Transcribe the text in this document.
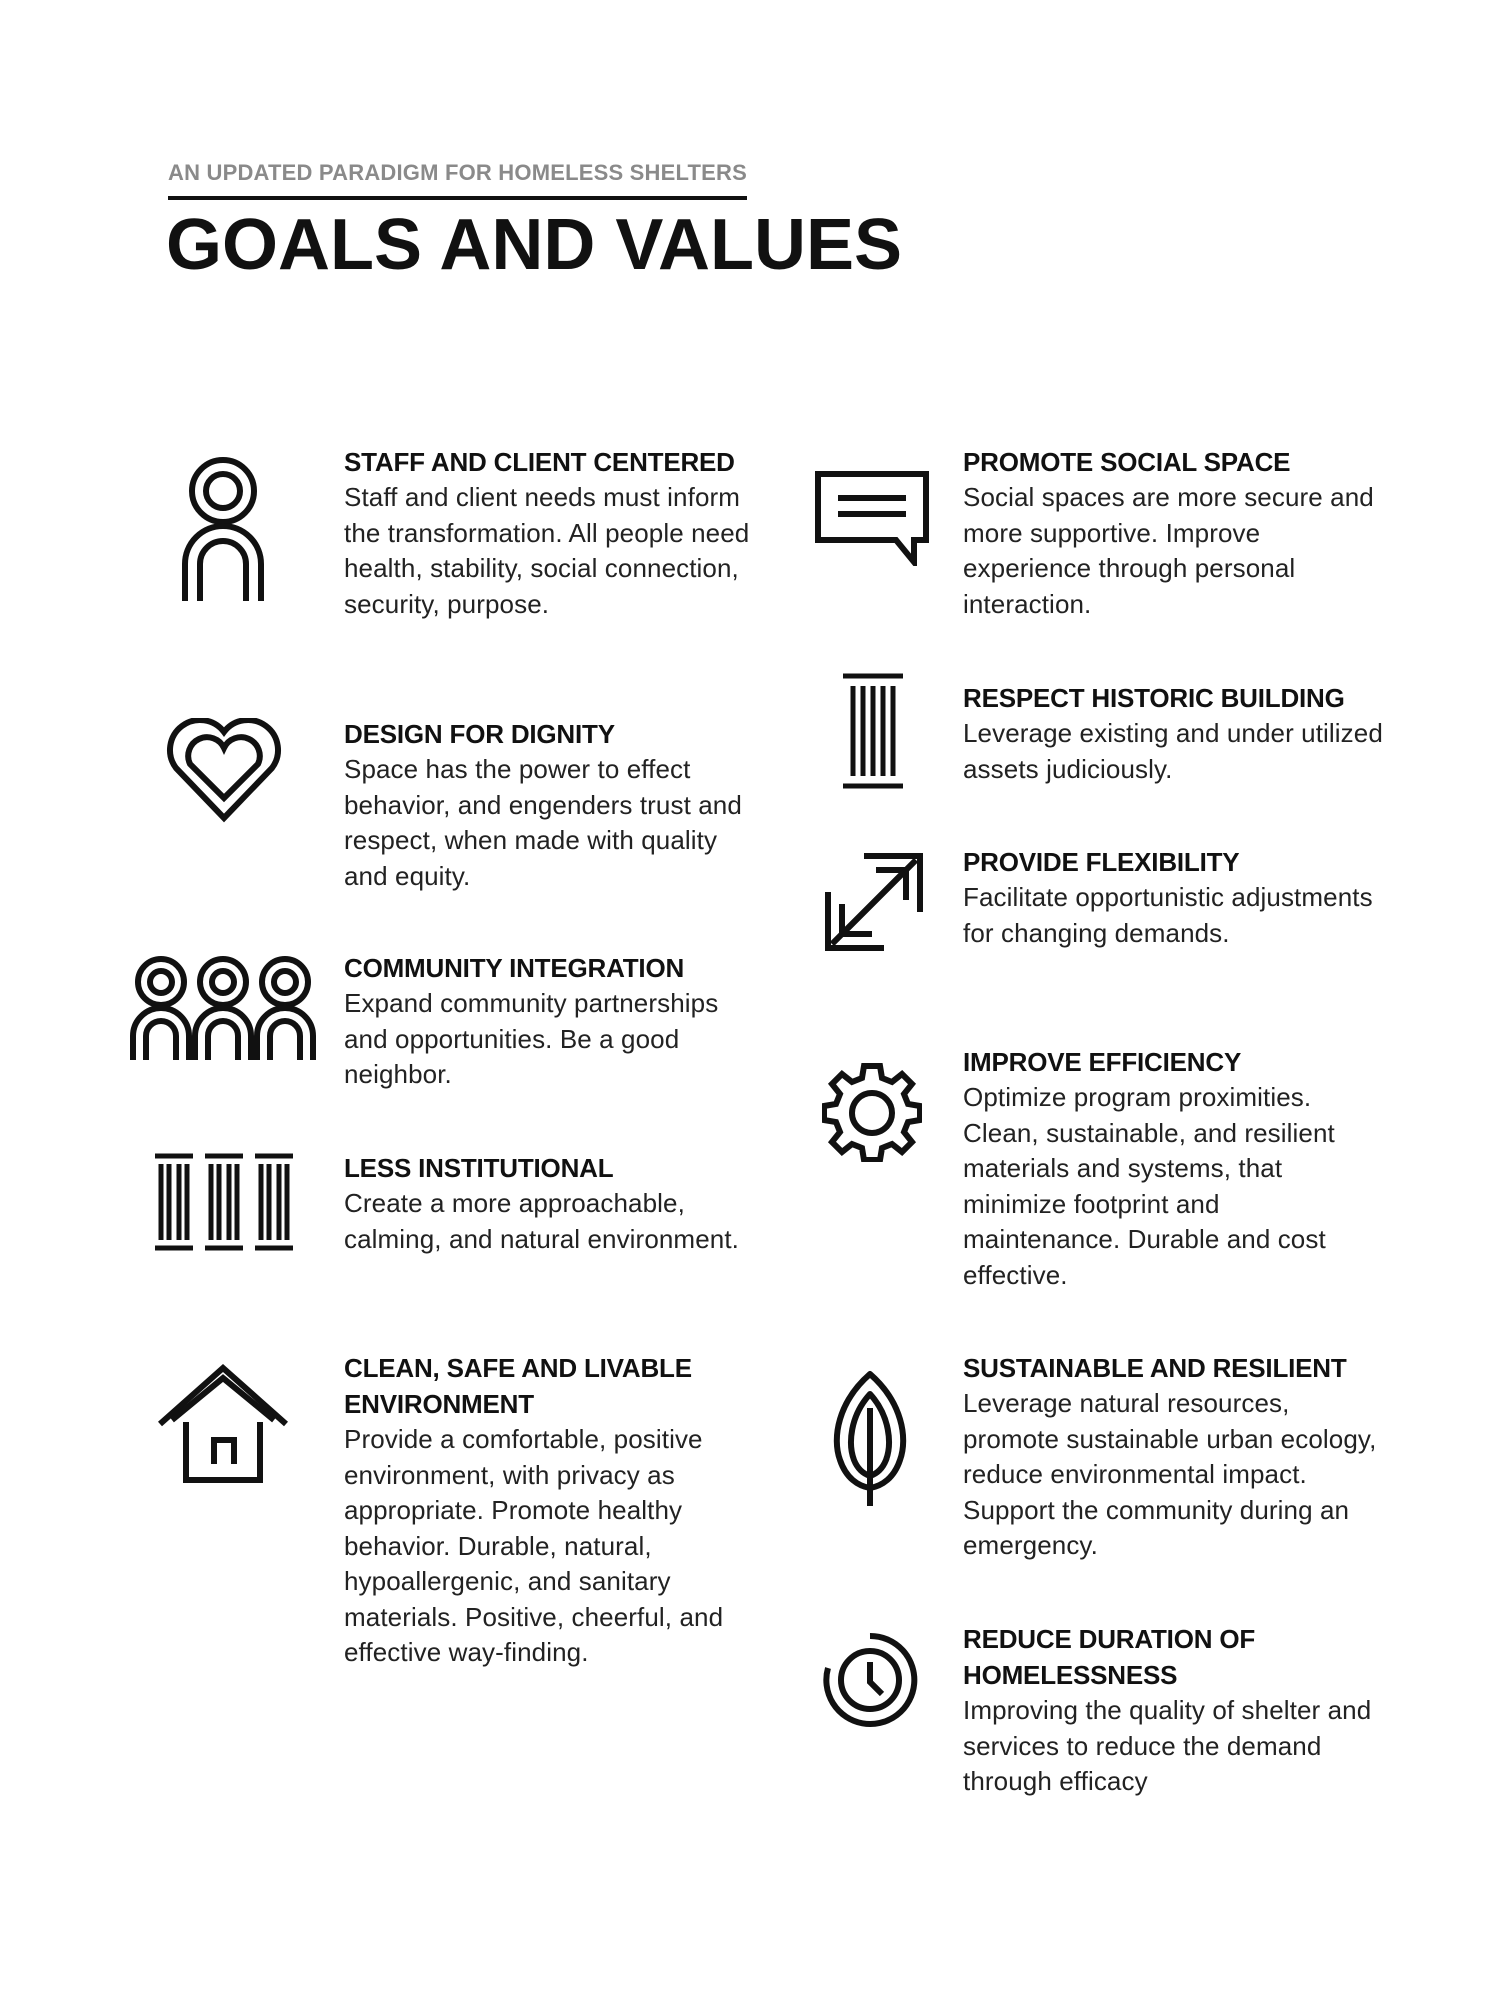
AN UPDATED PARADIGM FOR HOMELESS SHELTERS
GOALS AND VALUES
STAFF AND CLIENT CENTERED

Staff and client needs must inform the transformation. All people need health, stability, social connection, security, purpose.

DESIGN FOR DIGNITY

Space has the power to effect behavior, and engenders trust and respect, when made with quality and equity.

COMMUNITY INTEGRATION

Expand community partnerships and opportunities. Be a good neighbor.

LESS INSTITUTIONAL

Create a more approachable, calming, and natural environment.

CLEAN, SAFE AND LIVABLE ENVIRONMENT

Provide a comfortable, positive environment, with privacy as appropriate. Promote healthy behavior. Durable, natural, hypoallergenic, and sanitary materials. Positive, cheerful, and effective way-finding.

PROMOTE SOCIAL SPACE

Social spaces are more secure and more supportive. Improve experience through personal interaction.

RESPECT HISTORIC BUILDING

Leverage existing and under utilized assets judiciously.

PROVIDE FLEXIBILITY

Facilitate opportunistic adjustments for changing demands.

IMPROVE EFFICIENCY

Optimize program proximities. Clean, sustainable, and resilient materials and systems, that minimize footprint and maintenance. Durable and cost effective.

SUSTAINABLE AND RESILIENT

Leverage natural resources, promote sustainable urban ecology, reduce environmental impact. Support the community during an emergency.

REDUCE DURATION OF HOMELESSNESS

Improving the quality of shelter and services to reduce the demand through efficacy
